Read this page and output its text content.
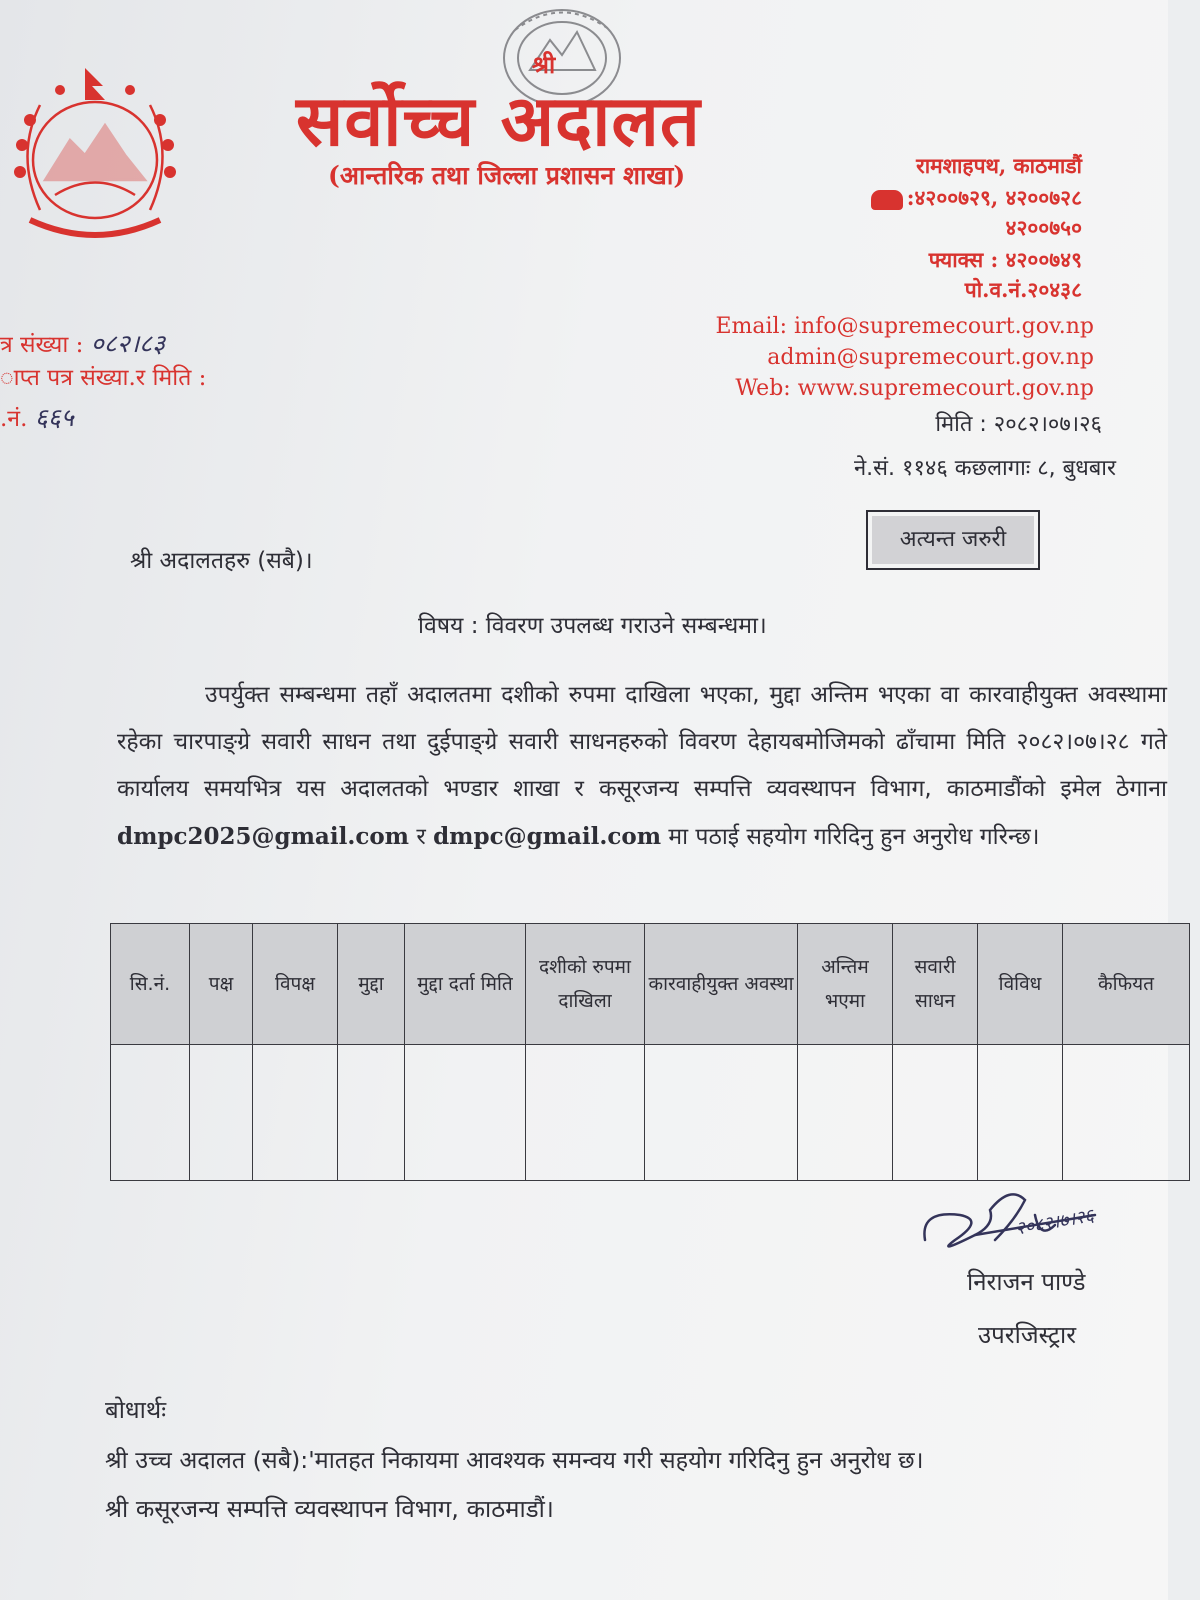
श्री
सर्वोच्च अदालत
(आन्तरिक तथा जिल्ला प्रशासन शाखा)	रामशाहपथ, काठमाडौं
:४२००७२९, ४२००७२८
४२००७५०
फ्याक्स : ४२००७४९
पो.व.नं.२०४३८
त्र संख्या : ०८२।८३
ाप्त पत्र संख्या.र मिति :
.नं. ६६५
Email: info@supremecourt.gov.np
admin@supremecourt.gov.np
Web: www.supremecourt.gov.np
मिति : २०८२।०७।२६
ने.सं. ११४६ कछलागाः ८, बुधबार
श्री अदालतहरु (सबै)।
अत्यन्त जरुरी
विषय : विवरण उपलब्ध गराउने सम्बन्धमा।
उपर्युक्त सम्बन्धमा तहाँ अदालतमा दशीको रुपमा दाखिला भएका, मुद्दा अन्तिम भएका वा कारवाहीयुक्त अवस्थामा रहेका चारपाङ्ग्रे सवारी साधन तथा दुईपाङ्ग्रे सवारी साधनहरुको विवरण देहायबमोजिमको ढाँचामा मिति २०८२।०७।२८ गते कार्यालय समयभित्र यस अदालतको भण्डार शाखा र कसूरजन्य सम्पत्ति व्यवस्थापन विभाग, काठमाडौंको इमेल ठेगाना dmpc2025@gmail.com र dmpc@gmail.com मा पठाई सहयोग गरिदिनु हुन अनुरोध गरिन्छ।
सि.नं.	पक्ष	विपक्ष	मुद्दा	मुद्दा दर्ता मिति	दशीको रुपमा दाखिला	कारवाहीयुक्त अवस्था	अन्तिम भएमा	सवारी साधन	विविध	कैफियत

२०८२।७।२६
निराजन पाण्डे
उपरजिस्ट्रार
बोधार्थः
श्री उच्च अदालत (सबै):'मातहत निकायमा आवश्यक समन्वय गरी सहयोग गरिदिनु हुन अनुरोध छ।
श्री कसूरजन्य सम्पत्ति व्यवस्थापन विभाग, काठमाडौं।
